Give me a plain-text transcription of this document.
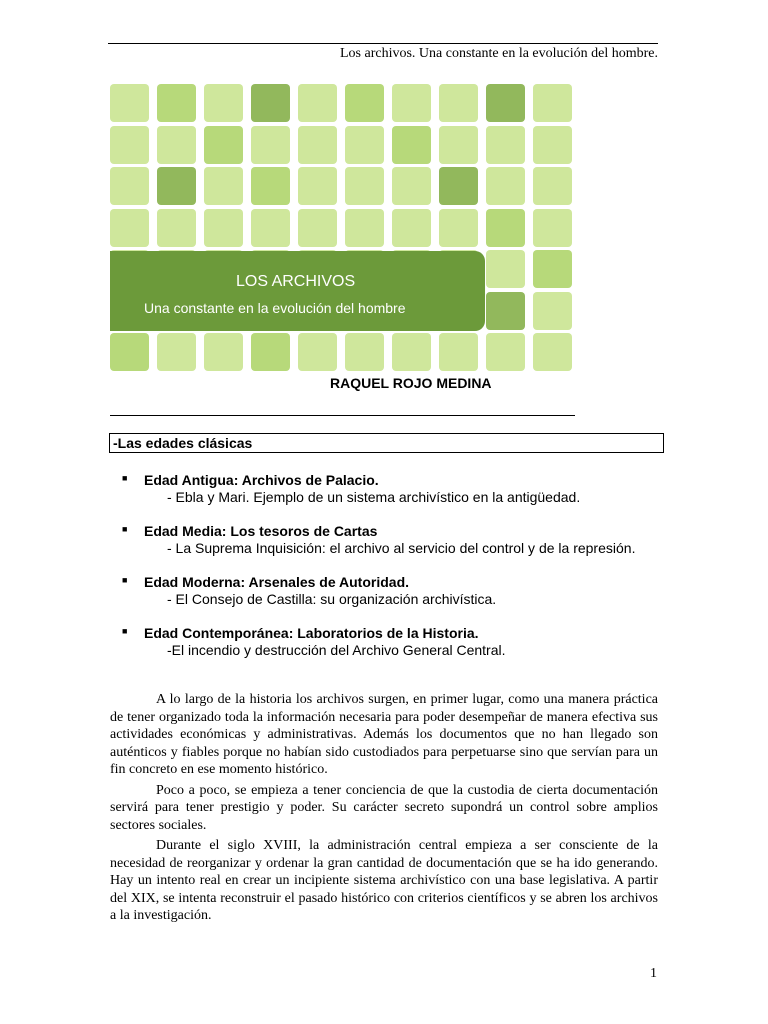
Los archivos. Una constante en la evolución del hombre.
LOS ARCHIVOS
Una constante en la evolución del hombre
RAQUEL ROJO MEDINA
-Las edades clásicas
■ Edad Antigua: Archivos de Palacio.
- Ebla y Mari. Ejemplo de un sistema archivístico en la antigüedad.
■ Edad Media: Los tesoros de Cartas
- La Suprema Inquisición: el archivo al servicio del control y de la represión.
■ Edad Moderna: Arsenales de Autoridad.
- El Consejo de Castilla: su organización archivística.
■ Edad Contemporánea: Laboratorios de la Historia.
-El incendio y destrucción del Archivo General Central.

A lo largo de la historia los archivos surgen, en primer lugar, como una manera práctica de tener organizado toda la información necesaria para poder desempeñar de manera efectiva sus actividades económicas y administrativas. Además los documentos que no han llegado son auténticos y fiables porque no habían sido custodiados para perpetuarse sino que servían para un fin concreto en ese momento histórico.

Poco a poco, se empieza a tener conciencia de que la custodia de cierta documentación servirá para tener prestigio y poder. Su carácter secreto supondrá un control sobre amplios sectores sociales.

Durante el siglo XVIII, la administración central empieza a ser consciente de la necesidad de reorganizar y ordenar la gran cantidad de documentación que se ha ido generando. Hay un intento real en crear un incipiente sistema archivístico con una base legislativa. A partir del XIX, se intenta reconstruir el pasado histórico con criterios científicos y se abren los archivos a la investigación.

1
